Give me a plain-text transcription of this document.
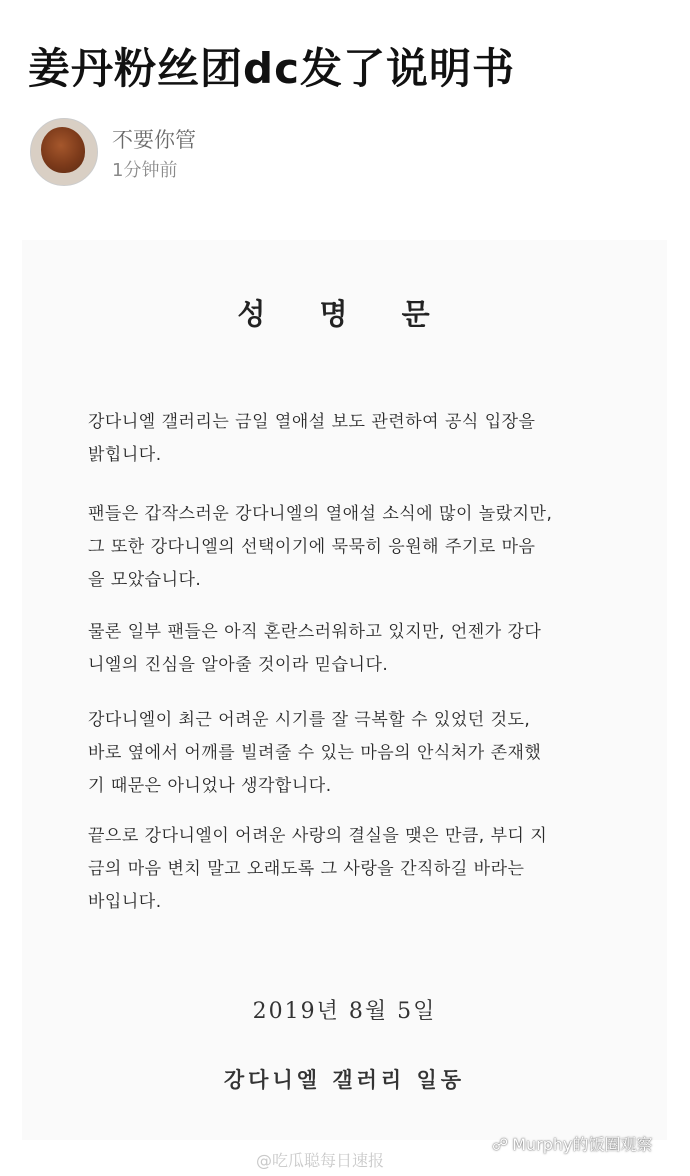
姜丹粉丝团dc发了说明书
不要你管
1分钟前
성 명 문
강다니엘 갤러리는 금일 열애설 보도 관련하여 공식 입장을
밝힙니다.
팬들은 갑작스러운 강다니엘의 열애설 소식에 많이 놀랐지만,
그 또한 강다니엘의 선택이기에 묵묵히 응원해 주기로 마음
을 모았습니다.
물론 일부 팬들은 아직 혼란스러워하고 있지만, 언젠가 강다
니엘의 진심을 알아줄 것이라 믿습니다.
강다니엘이 최근 어려운 시기를 잘 극복할 수 있었던 것도,
바로 옆에서 어깨를 빌려줄 수 있는 마음의 안식처가 존재했
기 때문은 아니었나 생각합니다.
끝으로 강다니엘이 어려운 사랑의 결실을 맺은 만큼, 부디 지
금의 마음 변치 말고 오래도록 그 사랑을 간직하길 바라는
바입니다.
2019년 8월 5일
강다니엘 갤러리 일동
@吃瓜聪每日速报
☍ Murphy的饭圈观察
